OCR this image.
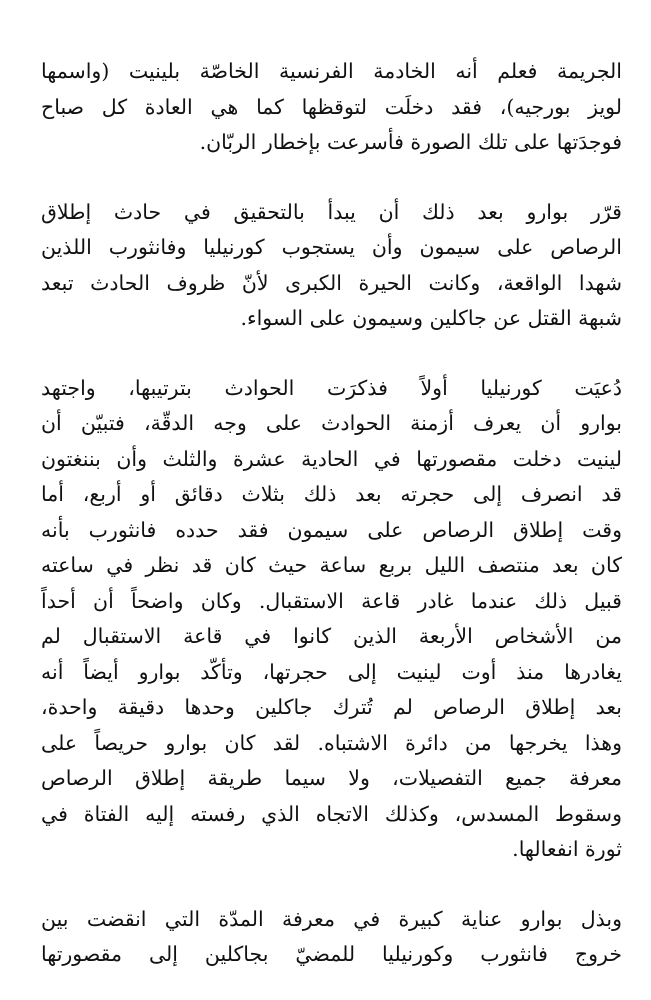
الجريمة فعلم أنه الخادمة الفرنسية الخاصّة بلينيت (واسمها
لويز بورجيه)، فقد دخلَت لتوقظها كما هي العادة كل صباح
فوجدَتها على تلك الصورة فأسرعت بإخطار الربّان.
قرّر بوارو بعد ذلك أن يبدأ بالتحقيق في حادث إطلاق
الرصاص على سيمون وأن يستجوب كورنيليا وفانثورب اللذين
شهدا الواقعة، وكانت الحيرة الكبرى لأنّ ظروف الحادث تبعد
شبهة القتل عن جاكلين وسيمون على السواء.
دُعيَت كورنيليا أولاً فذكرَت الحوادث بترتيبها، واجتهد
بوارو أن يعرف أزمنة الحوادث على وجه الدقّة، فتبيّن أن
لينيت دخلت مقصورتها في الحادية عشرة والثلث وأن بننغتون
قد انصرف إلى حجرته بعد ذلك بثلاث دقائق أو أربع، أما
وقت إطلاق الرصاص على سيمون فقد حدده فانثورب بأنه
كان بعد منتصف الليل بربع ساعة حيث كان قد نظر في ساعته
قبيل ذلك عندما غادر قاعة الاستقبال. وكان واضحاً أن أحداً
من الأشخاص الأربعة الذين كانوا في قاعة الاستقبال لم
يغادرها منذ أوت لينيت إلى حجرتها، وتأكّد بوارو أيضاً أنه
بعد إطلاق الرصاص لم تُترك جاكلين وحدها دقيقة واحدة،
وهذا يخرجها من دائرة الاشتباه. لقد كان بوارو حريصاً على
معرفة جميع التفصيلات، ولا سيما طريقة إطلاق الرصاص
وسقوط المسدس، وكذلك الاتجاه الذي رفسته إليه الفتاة في
ثورة انفعالها.
وبذل بوارو عناية كبيرة في معرفة المدّة التي انقضت بين
خروج فانثورب وكورنيليا للمضيّ بجاكلين إلى مقصورتها
